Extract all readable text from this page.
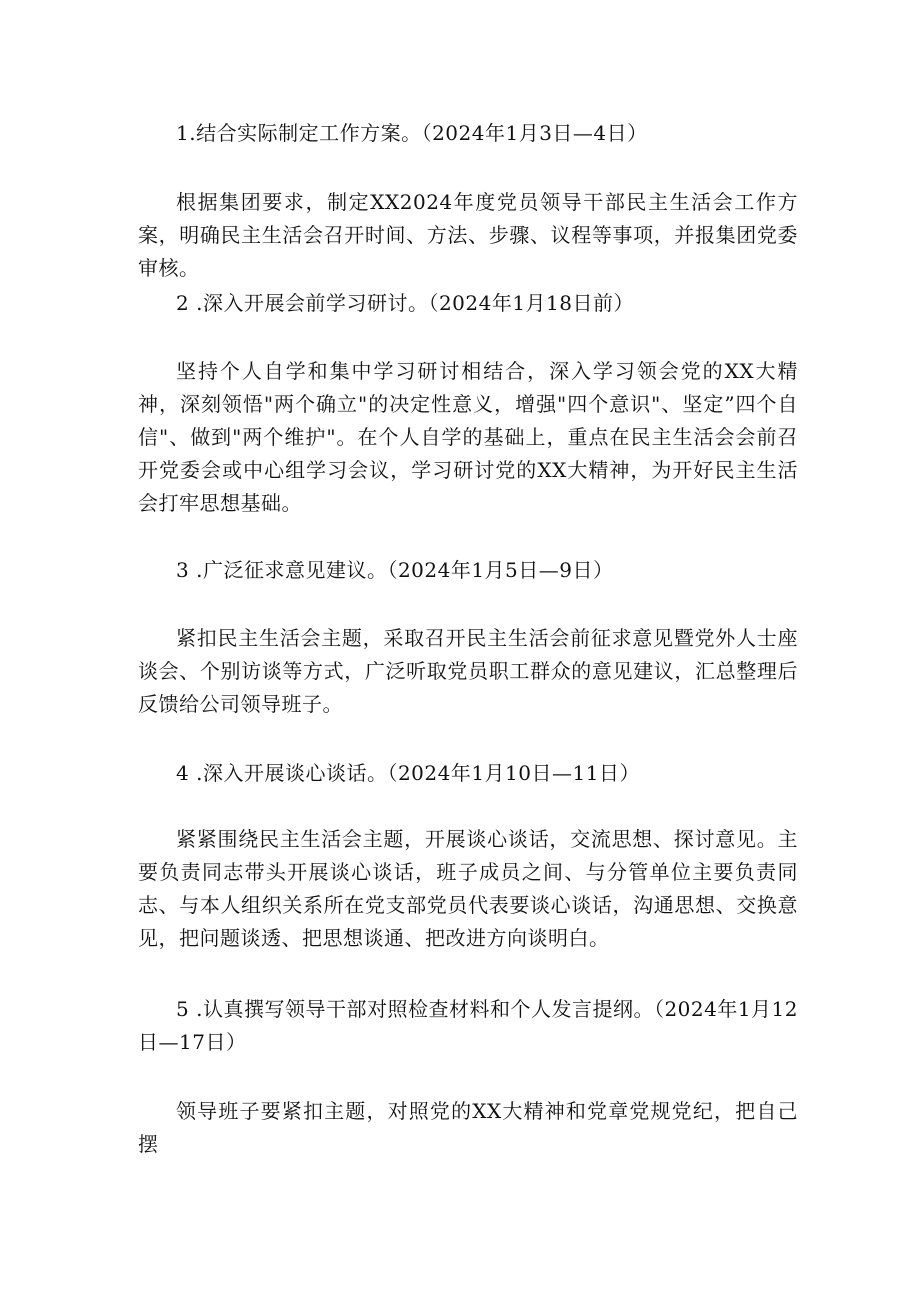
1.结合实际制定工作方案。（2024年1月3日—4日）

根据集团要求，制定XX2024年度党员领导干部民主生活会工作方案，明确民主生活会召开时间、方法、步骤、议程等事项，并报集团党委审核。

2 .深入开展会前学习研讨。（2024年1月18日前）

坚持个人自学和集中学习研讨相结合，深入学习领会党的XX大精神，深刻领悟"两个确立"的决定性意义，增强"四个意识"、坚定”四个自信"、做到"两个维护"。在个人自学的基础上，重点在民主生活会会前召开党委会或中心组学习会议，学习研讨党的XX大精神，为开好民主生活会打牢思想基础。

3 .广泛征求意见建议。（2024年1月5日—9日）

紧扣民主生活会主题，采取召开民主生活会前征求意见暨党外人士座谈会、个别访谈等方式，广泛听取党员职工群众的意见建议，汇总整理后反馈给公司领导班子。

4 .深入开展谈心谈话。（2024年1月10日—11日）

紧紧围绕民主生活会主题，开展谈心谈话，交流思想、探讨意见。主要负责同志带头开展谈心谈话，班子成员之间、与分管单位主要负责同志、与本人组织关系所在党支部党员代表要谈心谈话，沟通思想、交换意见，把问题谈透、把思想谈通、把改进方向谈明白。

5 .认真撰写领导干部对照检查材料和个人发言提纲。（2024年1月12日—17日）

领导班子要紧扣主题，对照党的XX大精神和党章党规党纪，把自己摆
